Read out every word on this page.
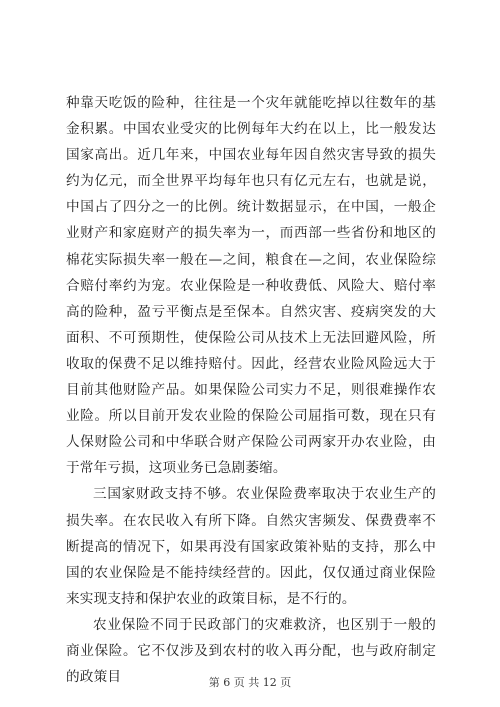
种靠天吃饭的险种，往往是一个灾年就能吃掉以往数年的基金积累。中国农业受灾的比例每年大约在以上，比一般发达国家高出。近几年来，中国农业每年因自然灾害导致的损失约为亿元，而全世界平均每年也只有亿元左右，也就是说，中国占了四分之一的比例。统计数据显示，在中国，一般企业财产和家庭财产的损失率为一，而西部一些省份和地区的棉花实际损失率一般在—之间，粮食在—之间，农业保险综合赔付率约为宠。农业保险是一种收费低、风险大、赔付率高的险种，盈亏平衡点是至保本。自然灾害、疫病突发的大面积、不可预期性，使保险公司从技术上无法回避风险，所收取的保费不足以维持赔付。因此，经营农业险风险远大于目前其他财险产品。如果保险公司实力不足，则很难操作农业险。所以目前开发农业险的保险公司屈指可数，现在只有人保财险公司和中华联合财产保险公司两家开办农业险，由于常年亏损，这项业务已急剧萎缩。

三国家财政支持不够。农业保险费率取决于农业生产的损失率。在农民收入有所下降。自然灾害频发、保费费率不断提高的情况下，如果再没有国家政策补贴的支持，那么中国的农业保险是不能持续经营的。因此，仅仅通过商业保险来实现支持和保护农业的政策目标，是不行的。

农业保险不同于民政部门的灾难救济，也区别于一般的商业保险。它不仅涉及到农村的收入再分配，也与政府制定的政策目	第 6 页 共 12 页
